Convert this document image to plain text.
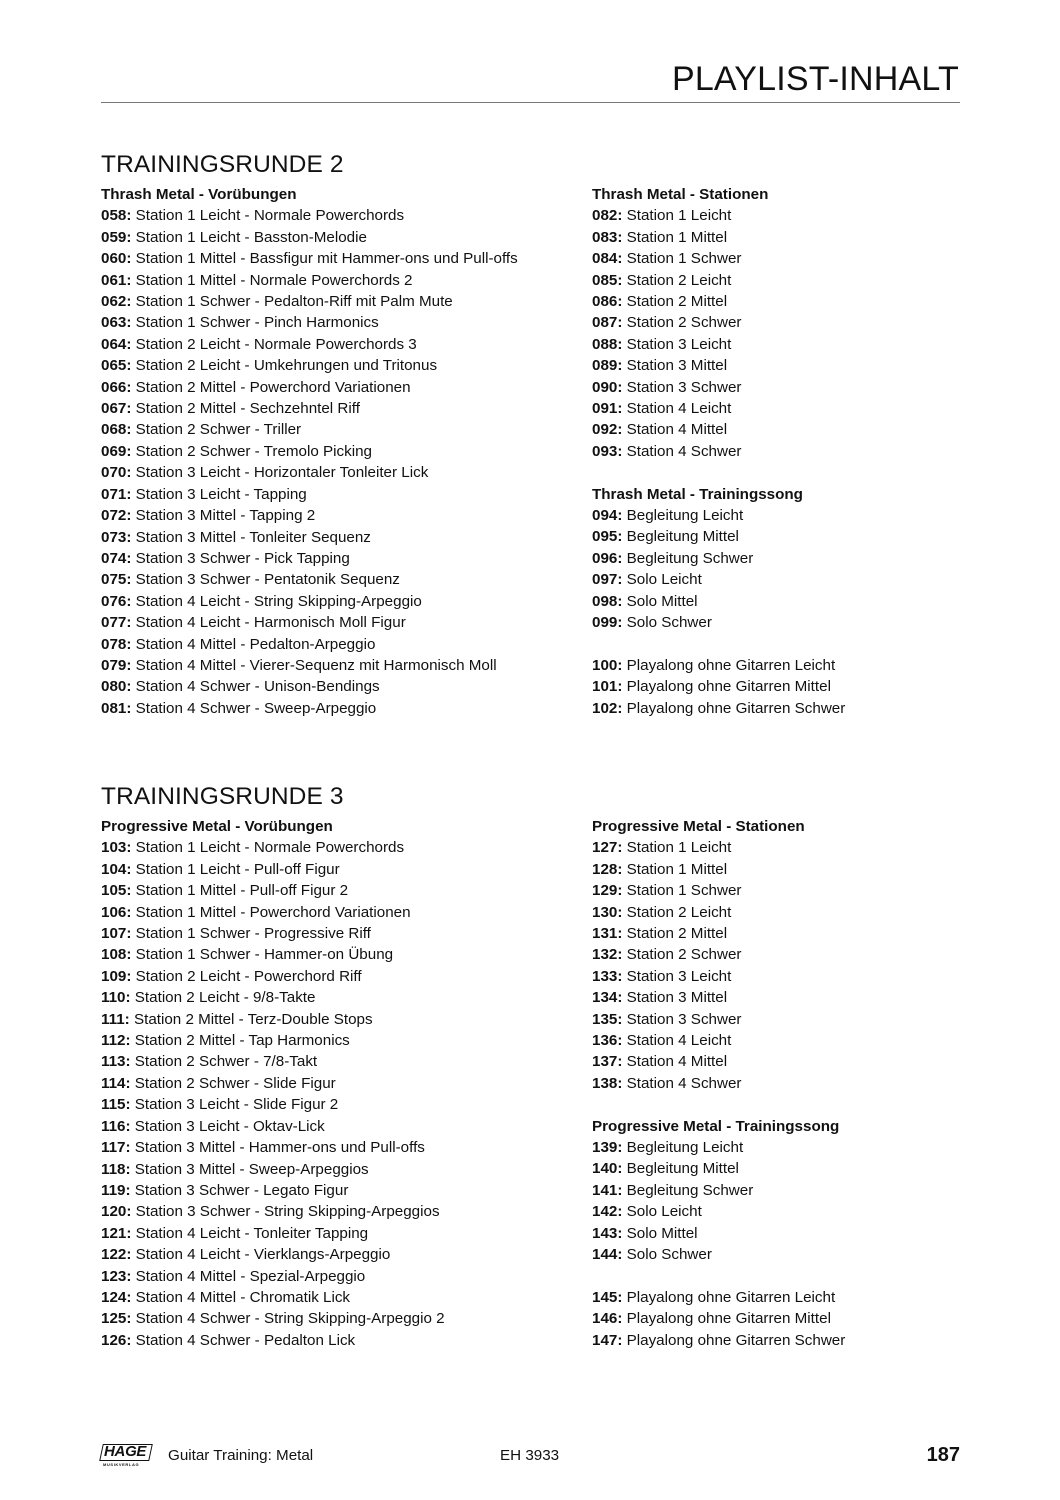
PLAYLIST-INHALT
TRAININGSRUNDE 2
Thrash Metal - Vorübungen
058: Station 1 Leicht - Normale Powerchords
059: Station 1 Leicht - Basston-Melodie
060: Station 1 Mittel - Bassfigur mit Hammer-ons und Pull-offs
061: Station 1 Mittel - Normale Powerchords 2
062: Station 1 Schwer - Pedalton-Riff mit Palm Mute
063: Station 1 Schwer - Pinch Harmonics
064: Station 2 Leicht - Normale Powerchords 3
065: Station 2 Leicht - Umkehrungen und Tritonus
066: Station 2 Mittel - Powerchord Variationen
067: Station 2 Mittel - Sechzehntel Riff
068: Station 2 Schwer - Triller
069: Station 2 Schwer - Tremolo Picking
070: Station 3 Leicht - Horizontaler Tonleiter Lick
071: Station 3 Leicht - Tapping
072: Station 3 Mittel - Tapping 2
073: Station 3 Mittel - Tonleiter Sequenz
074: Station 3 Schwer - Pick Tapping
075: Station 3 Schwer - Pentatonik Sequenz
076: Station 4 Leicht - String Skipping-Arpeggio
077: Station 4 Leicht - Harmonisch Moll Figur
078: Station 4 Mittel - Pedalton-Arpeggio
079: Station 4 Mittel - Vierer-Sequenz mit Harmonisch Moll
080: Station 4 Schwer - Unison-Bendings
081: Station 4 Schwer - Sweep-Arpeggio
Thrash Metal - Stationen
082: Station 1 Leicht
083: Station 1 Mittel
084: Station 1 Schwer
085: Station 2 Leicht
086: Station 2 Mittel
087: Station 2 Schwer
088: Station 3 Leicht
089: Station 3 Mittel
090: Station 3 Schwer
091: Station 4 Leicht
092: Station 4 Mittel
093: Station 4 Schwer
Thrash Metal - Trainingssong
094: Begleitung Leicht
095: Begleitung Mittel
096: Begleitung Schwer
097: Solo Leicht
098: Solo Mittel
099: Solo Schwer
100: Playalong ohne Gitarren Leicht
101: Playalong ohne Gitarren Mittel
102: Playalong ohne Gitarren Schwer
TRAININGSRUNDE 3
Progressive Metal - Vorübungen
103: Station 1 Leicht - Normale Powerchords
104: Station 1 Leicht - Pull-off Figur
105: Station 1 Mittel - Pull-off Figur 2
106: Station 1 Mittel - Powerchord Variationen
107: Station 1 Schwer - Progressive Riff
108: Station 1 Schwer - Hammer-on Übung
109: Station 2 Leicht - Powerchord Riff
110: Station 2 Leicht - 9/8-Takte
111: Station 2 Mittel - Terz-Double Stops
112: Station 2 Mittel - Tap Harmonics
113: Station 2 Schwer - 7/8-Takt
114: Station 2 Schwer - Slide Figur
115: Station 3 Leicht - Slide Figur 2
116: Station 3 Leicht - Oktav-Lick
117: Station 3 Mittel - Hammer-ons und Pull-offs
118: Station 3 Mittel - Sweep-Arpeggios
119: Station 3 Schwer - Legato Figur
120: Station 3 Schwer - String Skipping-Arpeggios
121: Station 4 Leicht - Tonleiter Tapping
122: Station 4 Leicht - Vierklangs-Arpeggio
123: Station 4 Mittel - Spezial-Arpeggio
124: Station 4 Mittel - Chromatik Lick
125: Station 4 Schwer - String Skipping-Arpeggio 2
126: Station 4 Schwer - Pedalton Lick
Progressive Metal - Stationen
127: Station 1 Leicht
128: Station 1 Mittel
129: Station 1 Schwer
130: Station 2 Leicht
131: Station 2 Mittel
132: Station 2 Schwer
133: Station 3 Leicht
134: Station 3 Mittel
135: Station 3 Schwer
136: Station 4 Leicht
137: Station 4 Mittel
138: Station 4 Schwer
Progressive Metal - Trainingssong
139: Begleitung Leicht
140: Begleitung Mittel
141: Begleitung Schwer
142: Solo Leicht
143: Solo Mittel
144: Solo Schwer
145: Playalong ohne Gitarren Leicht
146: Playalong ohne Gitarren Mittel
147: Playalong ohne Gitarren Schwer
HAGE
MUSIKVERLAG
Guitar Training: Metal	EH 3933	187
